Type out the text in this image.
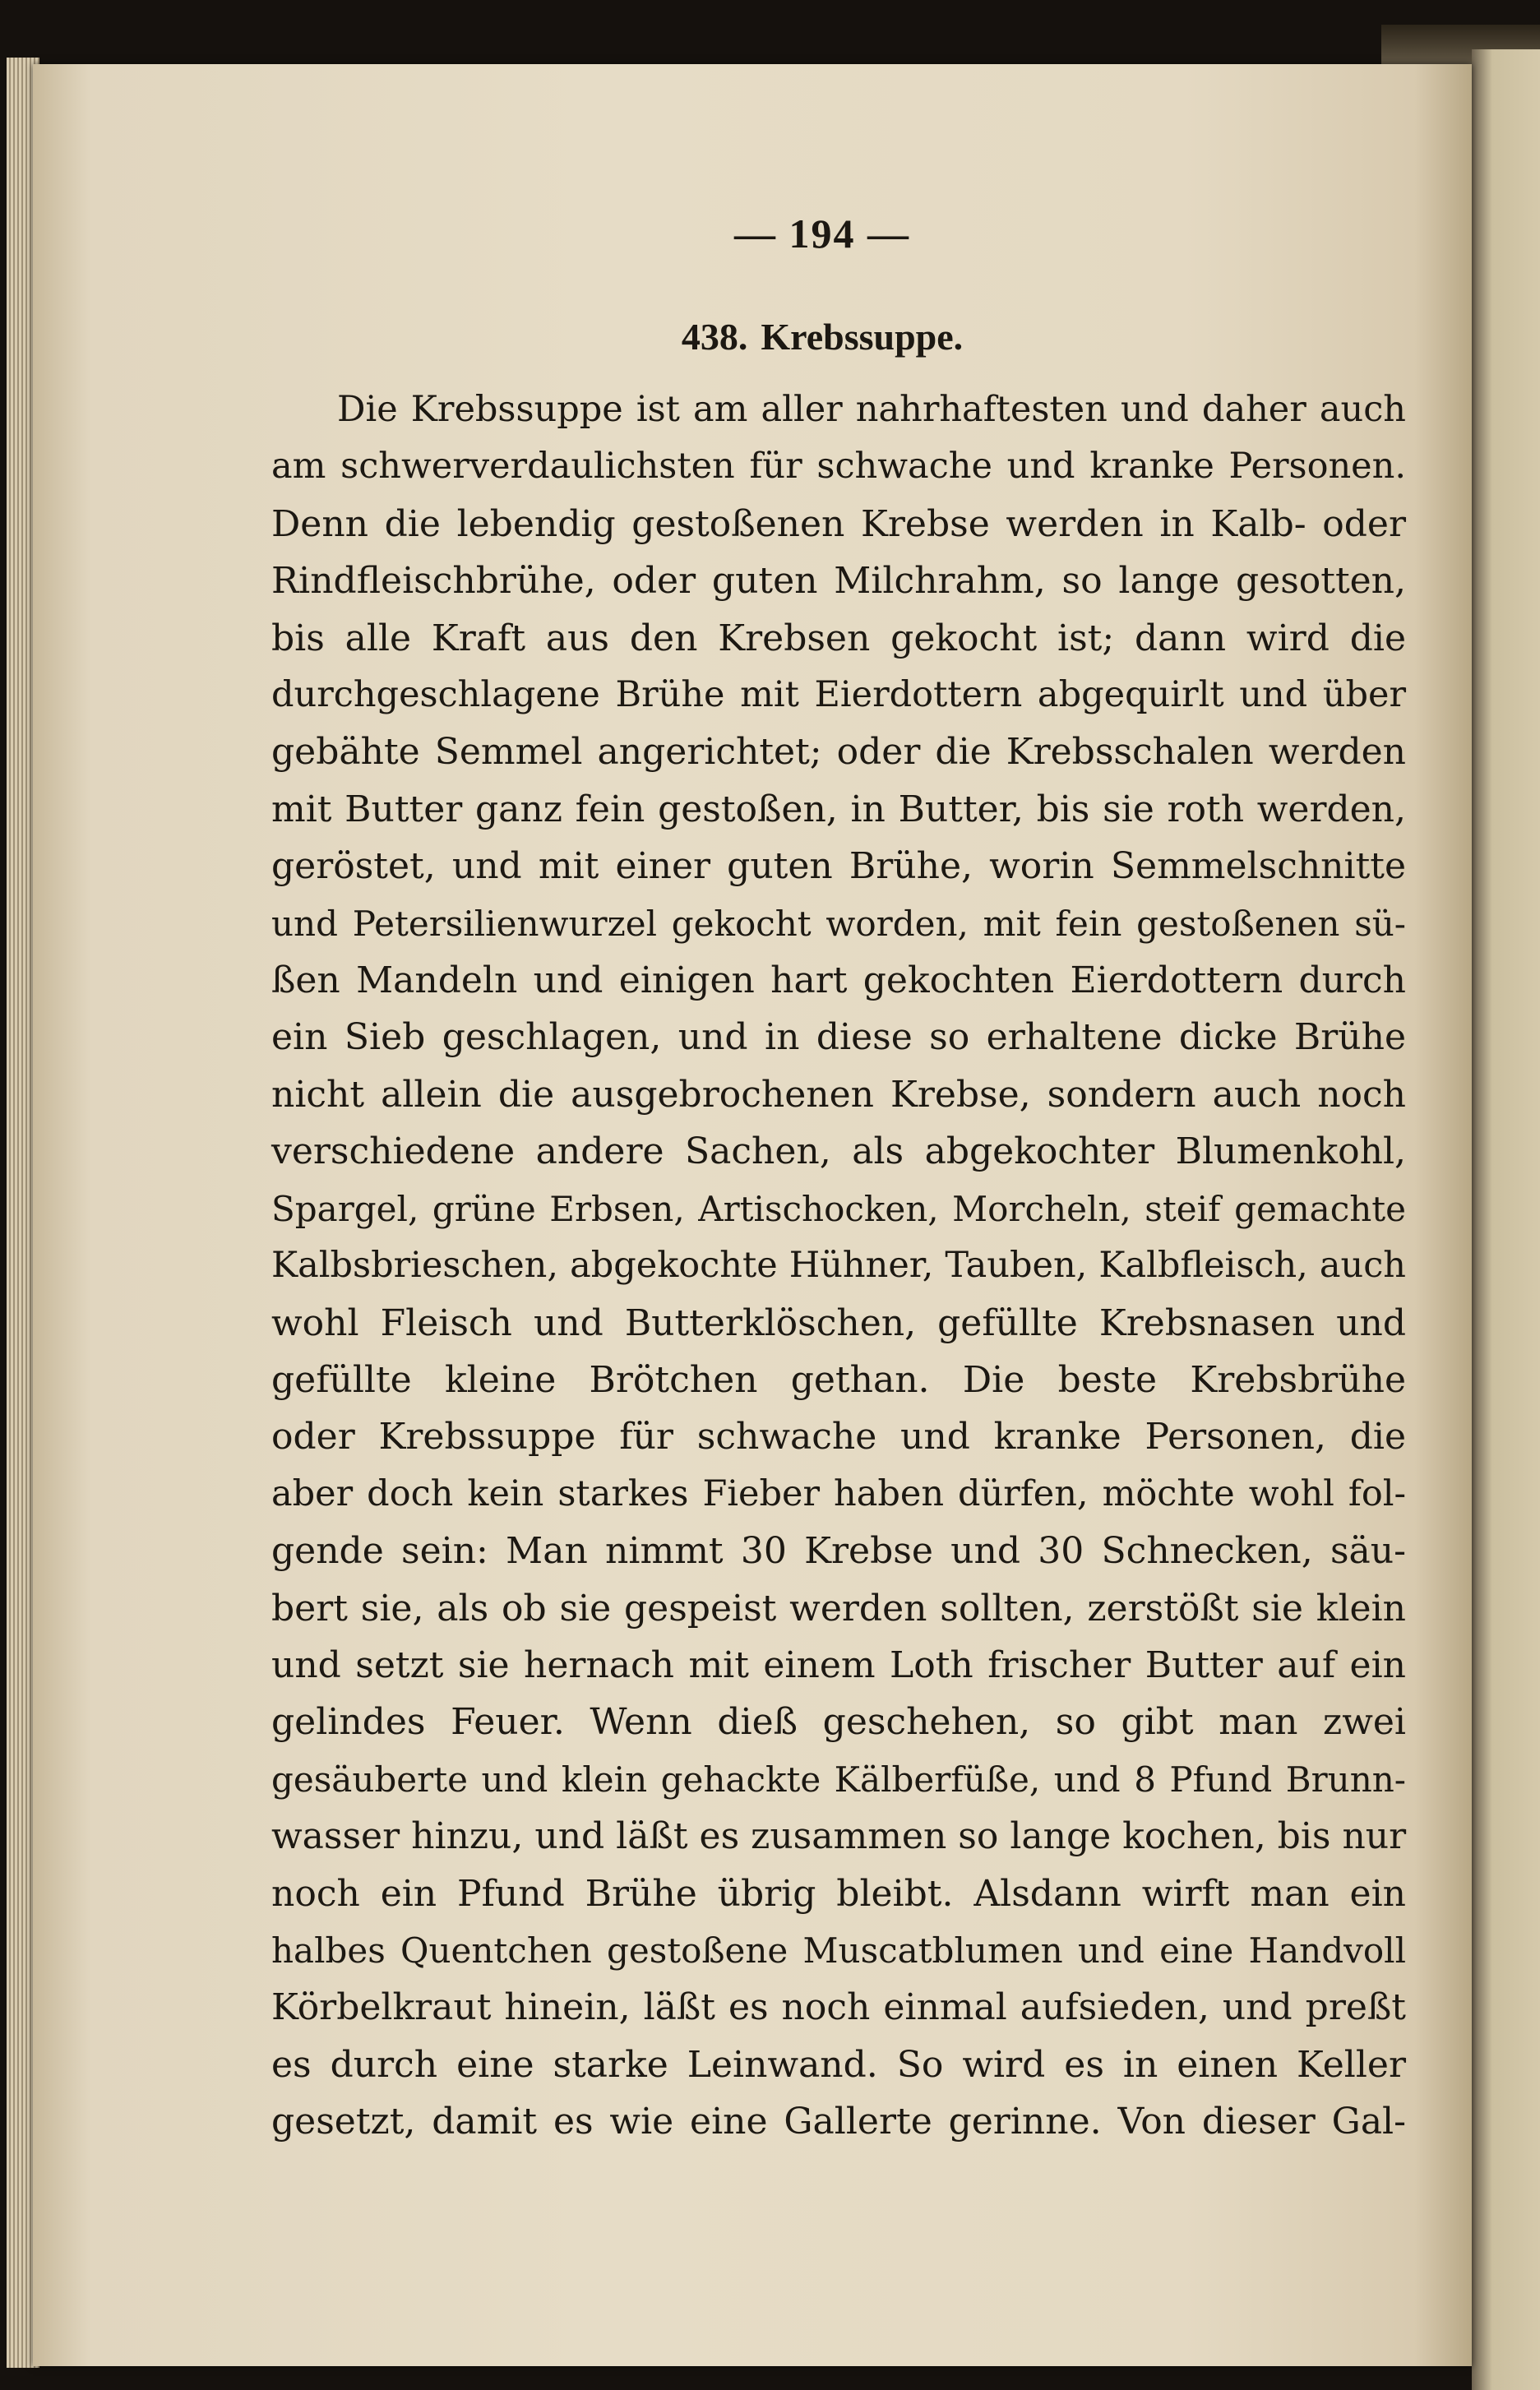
— 194 —
438. Krebssuppe.
Die Krebssuppe ist am aller nahrhaftesten und daher auch
am schwerverdaulichsten für schwache und kranke Personen.
Denn die lebendig gestoßenen Krebse werden in Kalb- oder
Rindfleischbrühe, oder guten Milchrahm, so lange gesotten,
bis alle Kraft aus den Krebsen gekocht ist; dann wird die
durchgeschlagene Brühe mit Eierdottern abgequirlt und über
gebähte Semmel angerichtet; oder die Krebsschalen werden
mit Butter ganz fein gestoßen, in Butter, bis sie roth werden,
geröstet, und mit einer guten Brühe, worin Semmelschnitte
und Petersilienwurzel gekocht worden, mit fein gestoßenen sü-
ßen Mandeln und einigen hart gekochten Eierdottern durch
ein Sieb geschlagen, und in diese so erhaltene dicke Brühe
nicht allein die ausgebrochenen Krebse, sondern auch noch
verschiedene andere Sachen, als abgekochter Blumenkohl,
Spargel, grüne Erbsen, Artischocken, Morcheln, steif gemachte
Kalbsbrieschen, abgekochte Hühner, Tauben, Kalbfleisch, auch
wohl Fleisch und Butterklöschen, gefüllte Krebsnasen und
gefüllte kleine Brötchen gethan. Die beste Krebsbrühe
oder Krebssuppe für schwache und kranke Personen, die
aber doch kein starkes Fieber haben dürfen, möchte wohl fol-
gende sein: Man nimmt 30 Krebse und 30 Schnecken, säu-
bert sie, als ob sie gespeist werden sollten, zerstößt sie klein
und setzt sie hernach mit einem Loth frischer Butter auf ein
gelindes Feuer. Wenn dieß geschehen, so gibt man zwei
gesäuberte und klein gehackte Kälberfüße, und 8 Pfund Brunn-
wasser hinzu, und läßt es zusammen so lange kochen, bis nur
noch ein Pfund Brühe übrig bleibt. Alsdann wirft man ein
halbes Quentchen gestoßene Muscatblumen und eine Handvoll
Körbelkraut hinein, läßt es noch einmal aufsieden, und preßt
es durch eine starke Leinwand. So wird es in einen Keller
gesetzt, damit es wie eine Gallerte gerinne. Von dieser Gal-
